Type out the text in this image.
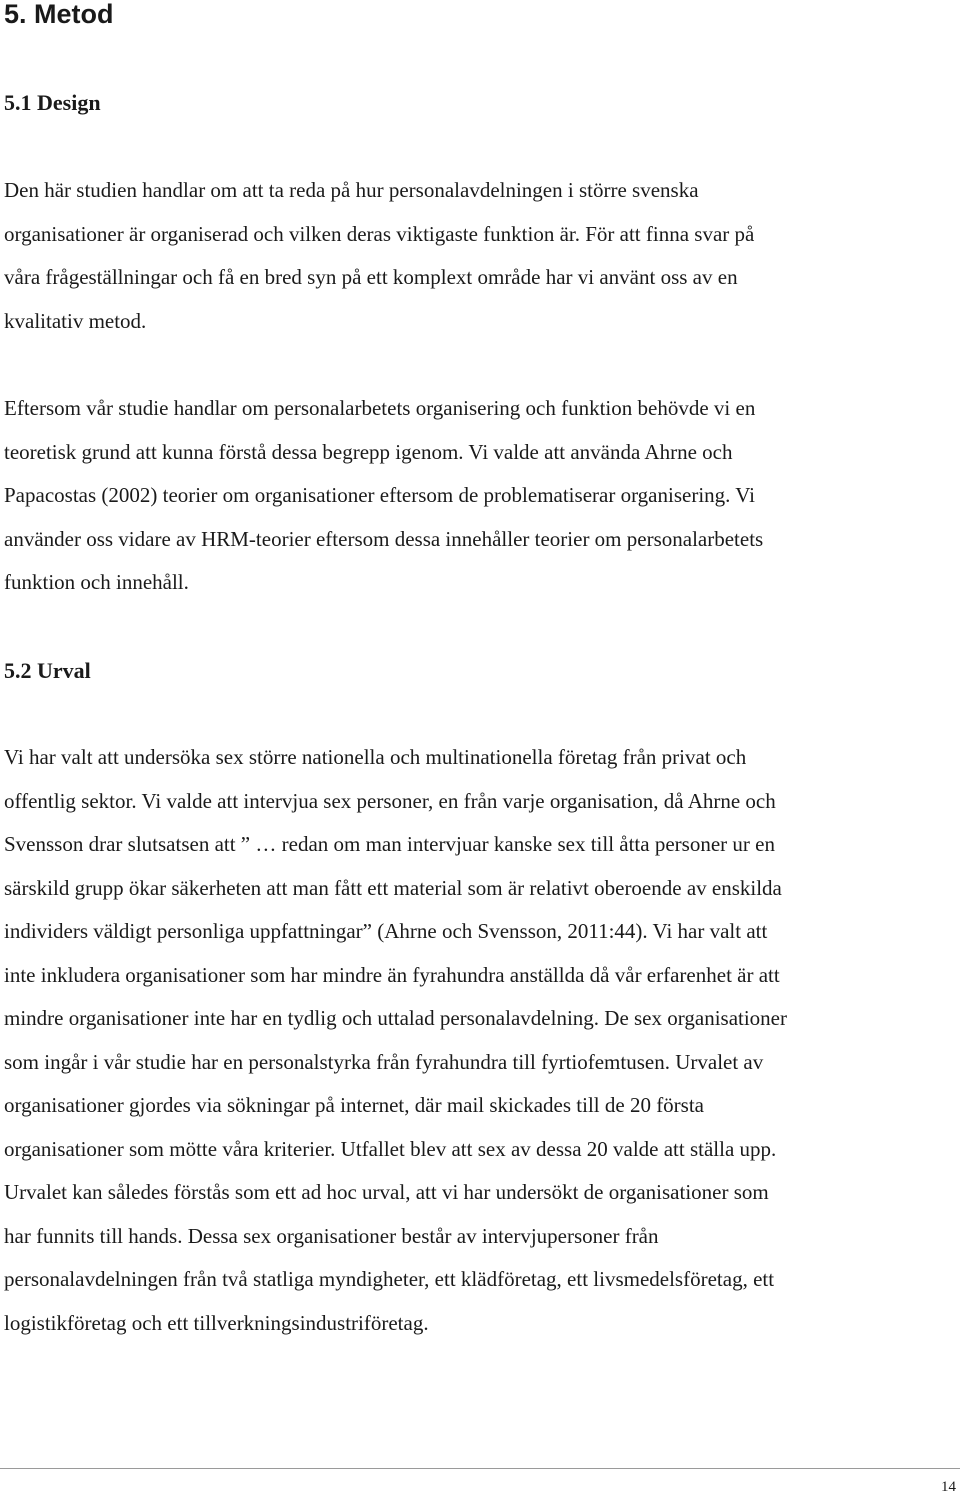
5. Metod
5.1 Design

Den här studien handlar om att ta reda på hur personalavdelningen i större svenska
organisationer är organiserad och vilken deras viktigaste funktion är. För att finna svar på
våra frågeställningar och få en bred syn på ett komplext område har vi använt oss av en
kvalitativ metod.

Eftersom vår studie handlar om personalarbetets organisering och funktion behövde vi en
teoretisk grund att kunna förstå dessa begrepp igenom. Vi valde att använda Ahrne och
Papacostas (2002) teorier om organisationer eftersom de problematiserar organisering. Vi
använder oss vidare av HRM-teorier eftersom dessa innehåller teorier om personalarbetets
funktion och innehåll.

5.2 Urval

Vi har valt att undersöka sex större nationella och multinationella företag från privat och
offentlig sektor. Vi valde att intervjua sex personer, en från varje organisation, då Ahrne och
Svensson drar slutsatsen att ” … redan om man intervjuar kanske sex till åtta personer ur en
särskild grupp ökar säkerheten att man fått ett material som är relativt oberoende av enskilda
individers väldigt personliga uppfattningar” (Ahrne och Svensson, 2011:44). Vi har valt att
inte inkludera organisationer som har mindre än fyrahundra anställda då vår erfarenhet är att
mindre organisationer inte har en tydlig och uttalad personalavdelning. De sex organisationer
som ingår i vår studie har en personalstyrka från fyrahundra till fyrtiofemtusen. Urvalet av
organisationer gjordes via sökningar på internet, där mail skickades till de 20 första
organisationer som mötte våra kriterier. Utfallet blev att sex av dessa 20 valde att ställa upp.
Urvalet kan således förstås som ett ad hoc urval, att vi har undersökt de organisationer som
har funnits till hands. Dessa sex organisationer består av intervjupersoner från
personalavdelningen från två statliga myndigheter, ett klädföretag, ett livsmedelsföretag, ett
logistikföretag och ett tillverkningsindustriföretag.

14
